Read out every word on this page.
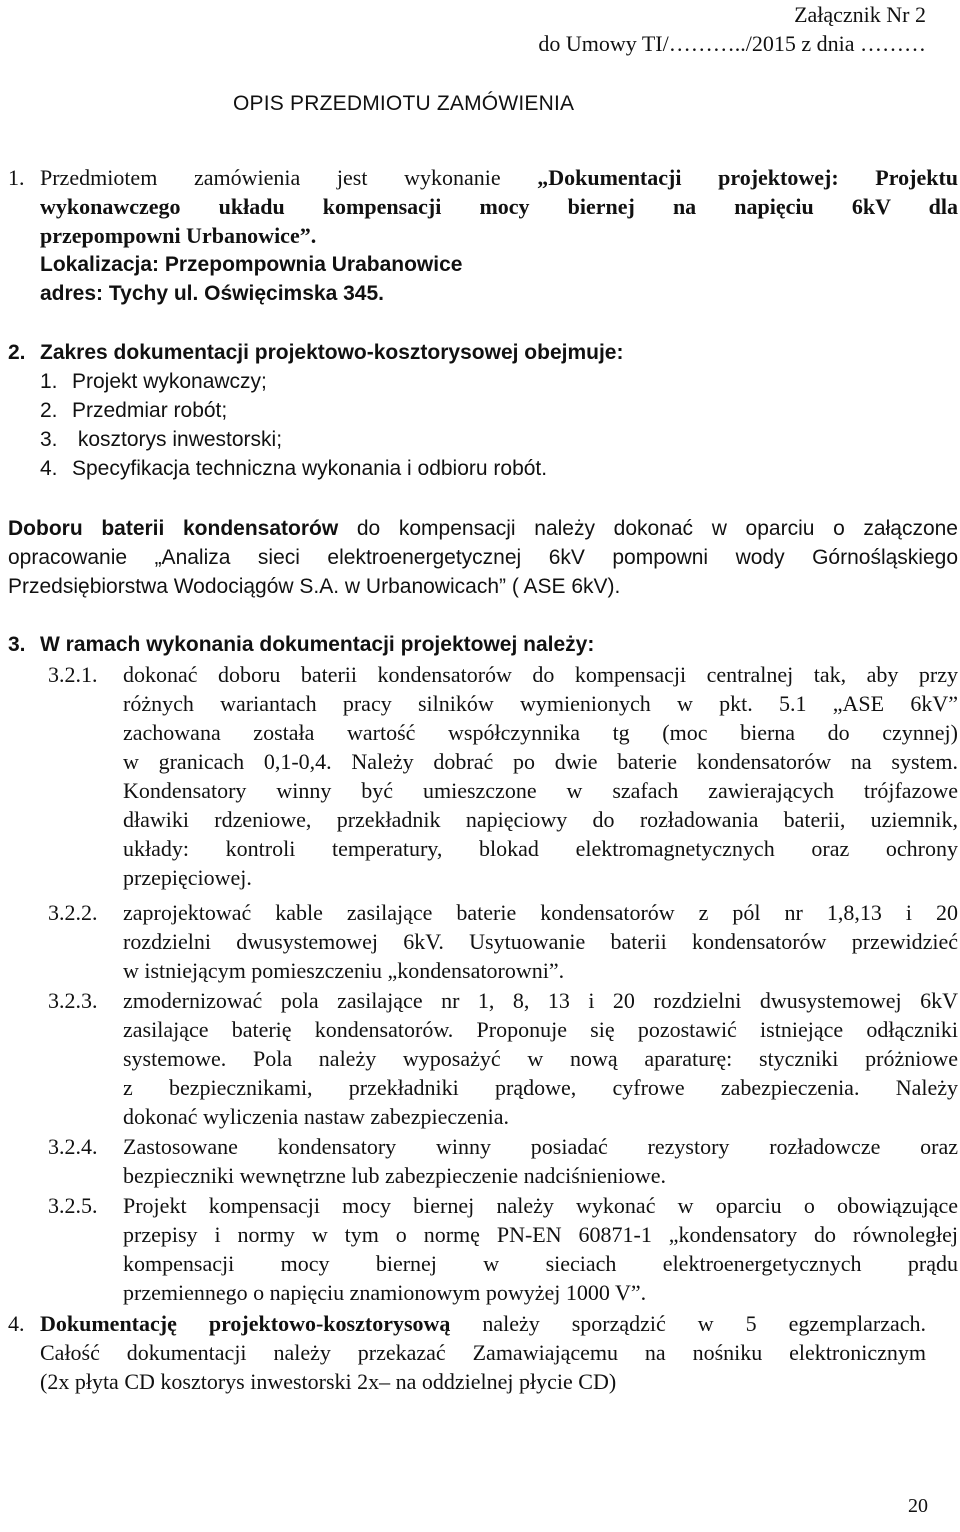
Załącznik Nr 2
do Umowy TI/………../2015 z dnia ………
OPIS PRZEDMIOTU ZAMÓWIENIA
1. Przedmiotem zamówienia jest wykonanie „Dokumentacji projektowej: Projektu
wykonawczego układu kompensacji mocy biernej na napięciu 6kV dla
przepompowni Urbanowice”.
Lokalizacja: Przepompownia Urabanowice
adres: Tychy ul. Oświęcimska 345.
2. Zakres dokumentacji projektowo-kosztorysowej obejmuje:
1. Projekt wykonawczy;
2. Przedmiar robót;
3. kosztorys inwestorski;
4. Specyfikacja techniczna wykonania i odbioru robót.
Doboru baterii kondensatorów do kompensacji należy dokonać w oparciu o załączone
opracowanie „Analiza sieci elektroenergetycznej 6kV pompowni wody Górnośląskiego
Przedsiębiorstwa Wodociągów S.A. w Urbanowicach” ( ASE 6kV).
3. W ramach wykonania dokumentacji projektowej należy:
3.2.1. dokonać doboru baterii kondensatorów do kompensacji centralnej tak, aby przy
różnych wariantach pracy silników wymienionych w pkt. 5.1 „ASE 6kV”
zachowana została wartość współczynnika tg (moc bierna do czynnej)
w granicach 0,1-0,4. Należy dobrać po dwie baterie kondensatorów na system.
Kondensatory winny być umieszczone w szafach zawierających trójfazowe
dławiki rdzeniowe, przekładnik napięciowy do rozładowania baterii, uziemnik,
układy: kontroli temperatury, blokad elektromagnetycznych oraz ochrony
przepięciowej.
3.2.2. zaprojektować kable zasilające baterie kondensatorów z pól nr 1,8,13 i 20
rozdzielni dwusystemowej 6kV. Usytuowanie baterii kondensatorów przewidzieć
w istniejącym pomieszczeniu „kondensatorowni”.
3.2.3. zmodernizować pola zasilające nr 1, 8, 13 i 20 rozdzielni dwusystemowej 6kV
zasilające baterię kondensatorów. Proponuje się pozostawić istniejące odłączniki
systemowe. Pola należy wyposażyć w nową aparaturę: styczniki próżniowe
z bezpiecznikami, przekładniki prądowe, cyfrowe zabezpieczenia. Należy
dokonać wyliczenia nastaw zabezpieczenia.
3.2.4. Zastosowane kondensatory winny posiadać rezystory rozładowcze oraz
bezpieczniki wewnętrzne lub zabezpieczenie nadciśnieniowe.
3.2.5. Projekt kompensacji mocy biernej należy wykonać w oparciu o obowiązujące
przepisy i normy w tym o normę PN-EN 60871-1 „kondensatory do równoległej
kompensacji mocy biernej w sieciach elektroenergetycznych prądu
przemiennego o napięciu znamionowym powyżej 1000 V”.
4. Dokumentację projektowo-kosztorysową należy sporządzić w 5 egzemplarzach.
Całość dokumentacji należy przekazać Zamawiającemu na nośniku elektronicznym
(2x płyta CD kosztorys inwestorski 2x– na oddzielnej płycie CD)
20
